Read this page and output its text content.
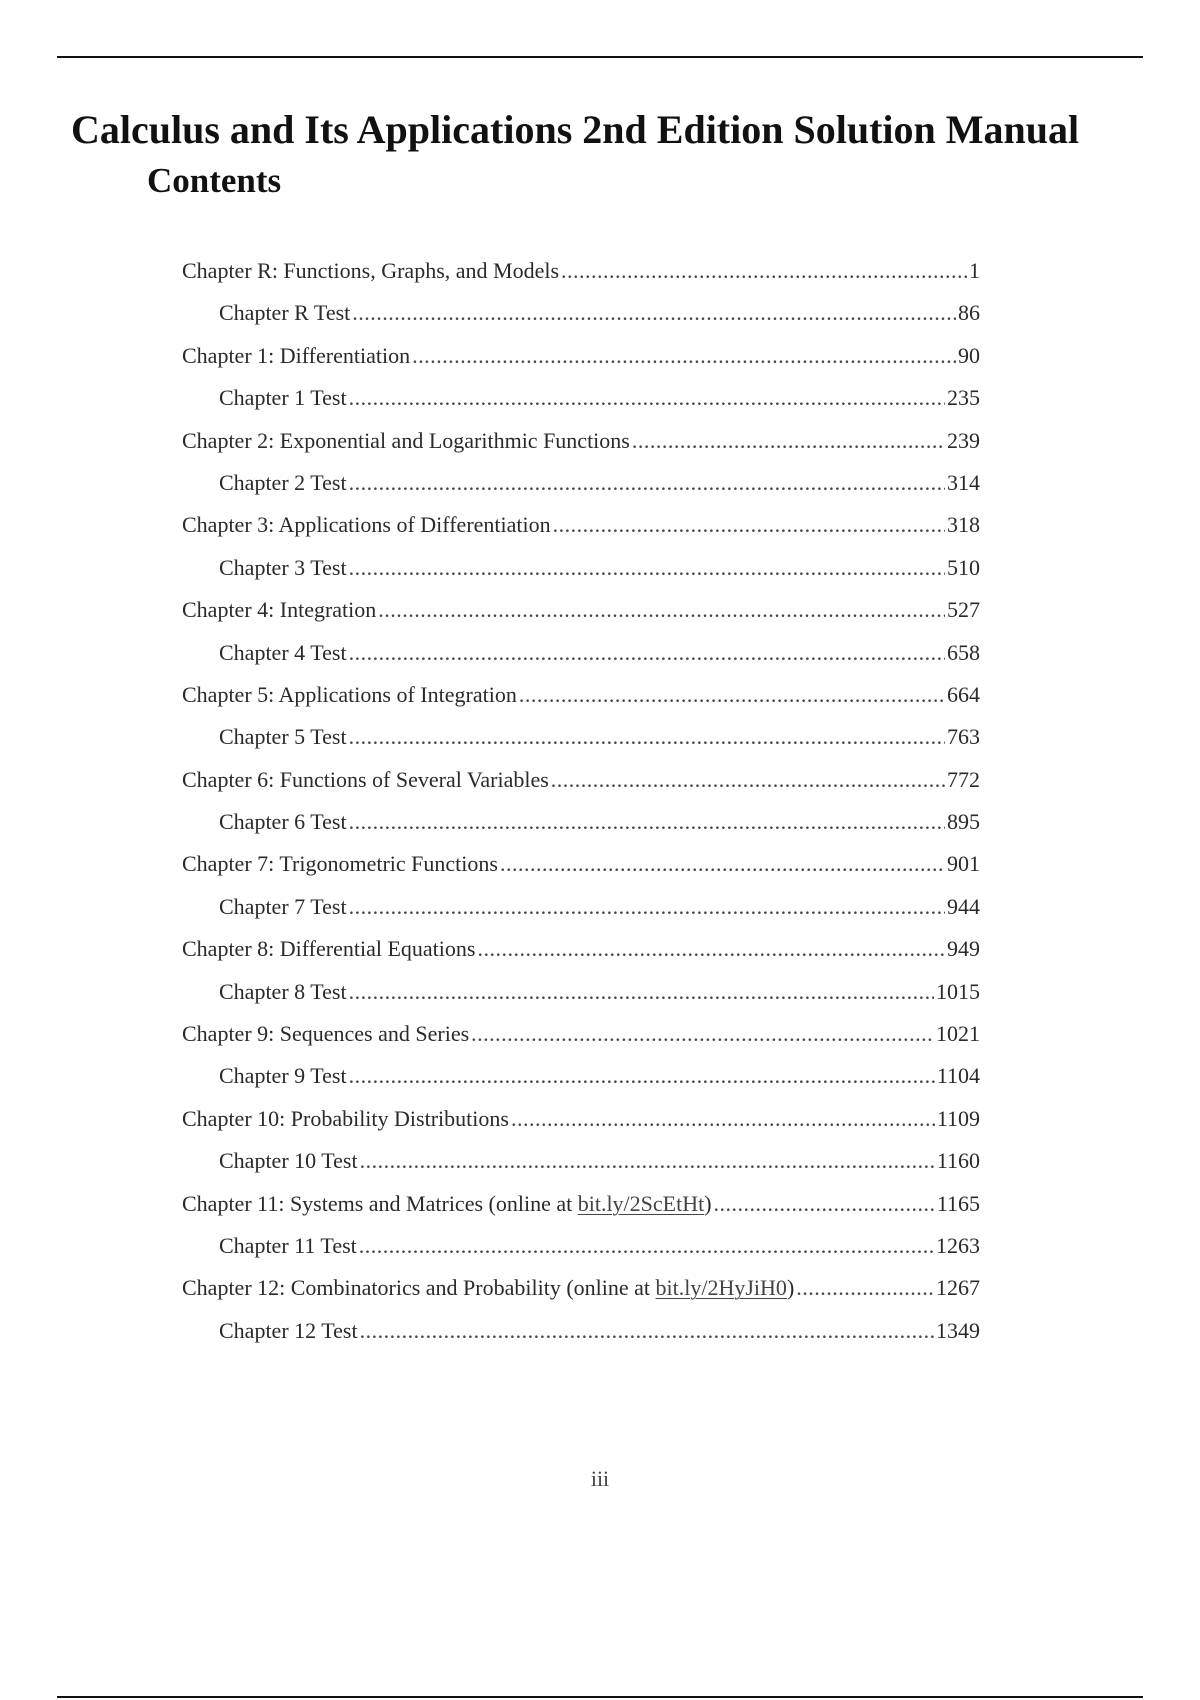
Calculus and Its Applications 2nd Edition Solution Manual
Contents
Chapter R: Functions, Graphs, and Models .....	1
Chapter R Test .....	86
Chapter 1: Differentiation .....	90
Chapter 1 Test .....	235
Chapter 2: Exponential and Logarithmic Functions .....	239
Chapter 2 Test .....	314
Chapter 3: Applications of Differentiation .....	318
Chapter 3 Test .....	510
Chapter 4: Integration .....	527
Chapter 4 Test .....	658
Chapter 5: Applications of Integration .....	664
Chapter 5 Test .....	763
Chapter 6: Functions of Several Variables .....	772
Chapter 6 Test .....	895
Chapter 7: Trigonometric Functions .....	901
Chapter 7 Test .....	944
Chapter 8: Differential Equations .....	949
Chapter 8 Test .....	1015
Chapter 9: Sequences and Series .....	1021
Chapter 9 Test .....	1104
Chapter 10: Probability Distributions .....	1109
Chapter 10 Test .....	1160
Chapter 11: Systems and Matrices (online at bit.ly/2ScEtHt) .....	1165
Chapter 11 Test .....	1263
Chapter 12: Combinatorics and Probability (online at bit.ly/2HyJiH0) .....	1267
Chapter 12 Test .....	1349
iii
